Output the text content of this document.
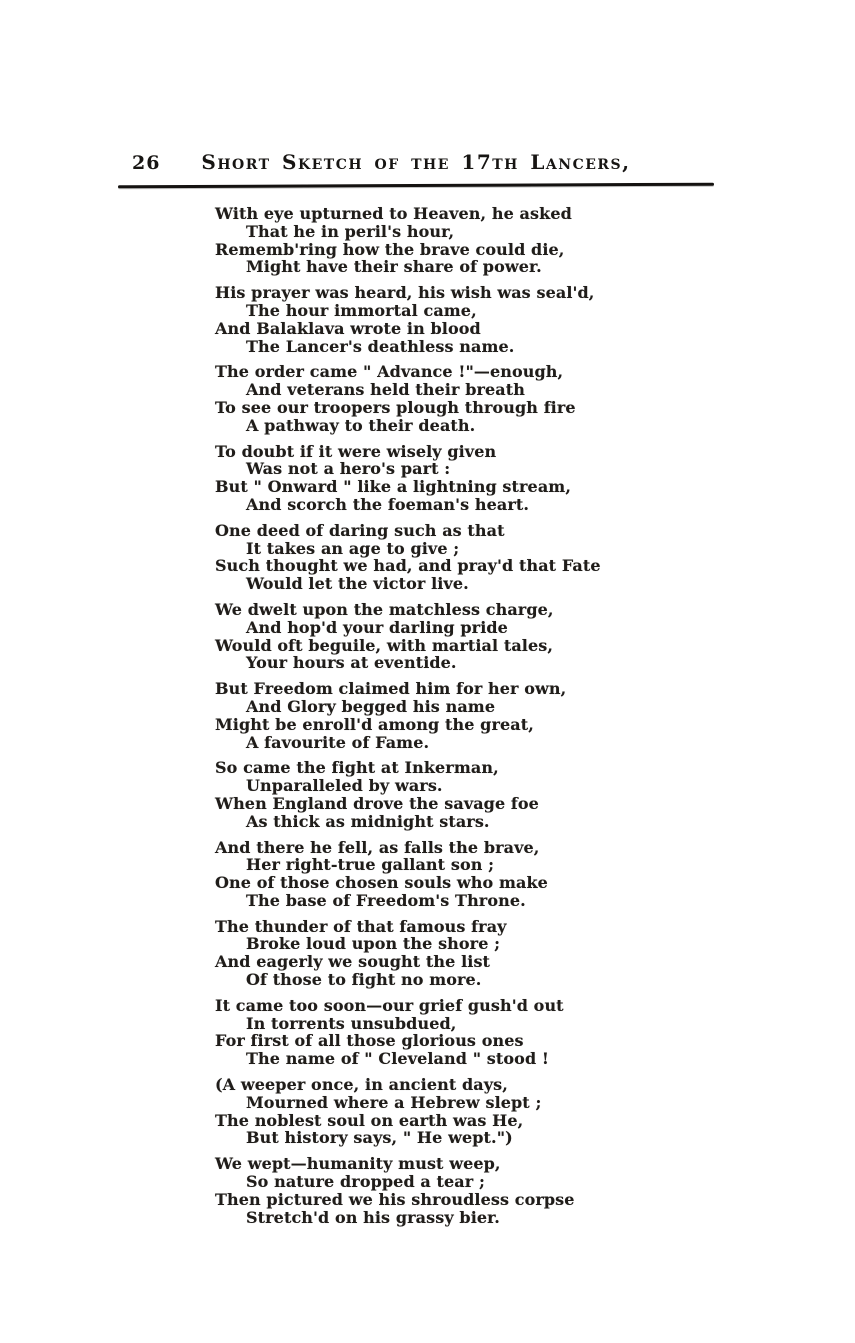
26	Short Sketch of the 17th Lancers,
With eye upturned to Heaven, he asked
That he in peril's hour,
Rememb'ring how the brave could die,
Might have their share of power.
His prayer was heard, his wish was seal'd,
The hour immortal came,
And Balaklava wrote in blood
The Lancer's deathless name.
The order came " Advance !"—enough,
And veterans held their breath
To see our troopers plough through fire
A pathway to their death.
To doubt if it were wisely given
Was not a hero's part :
But " Onward " like a lightning stream,
And scorch the foeman's heart.
One deed of daring such as that
It takes an age to give ;
Such thought we had, and pray'd that Fate
Would let the victor live.
We dwelt upon the matchless charge,
And hop'd your darling pride
Would oft beguile, with martial tales,
Your hours at eventide.
But Freedom claimed him for her own,
And Glory begged his name
Might be enroll'd among the great,
A favourite of Fame.
So came the fight at Inkerman,
Unparalleled by wars.
When England drove the savage foe
As thick as midnight stars.
And there he fell, as falls the brave,
Her right-true gallant son ;
One of those chosen souls who make
The base of Freedom's Throne.
The thunder of that famous fray
Broke loud upon the shore ;
And eagerly we sought the list
Of those to fight no more.
It came too soon—our grief gush'd out
In torrents unsubdued,
For first of all those glorious ones
The name of " Cleveland " stood !
(A weeper once, in ancient days,
Mourned where a Hebrew slept ;
The noblest soul on earth was He,
But history says, " He wept.")
We wept—humanity must weep,
So nature dropped a tear ;
Then pictured we his shroudless corpse
Stretch'd on his grassy bier.
